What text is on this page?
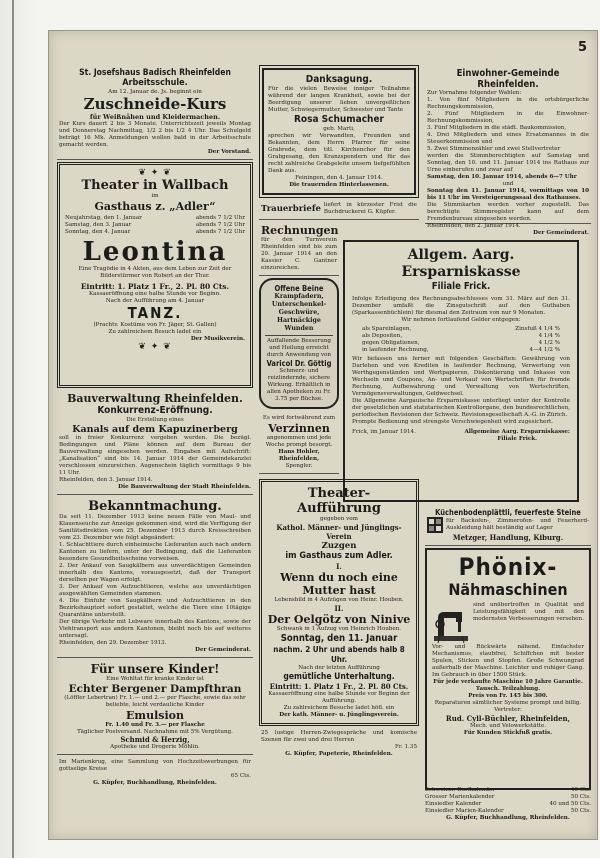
5
St. Josefshaus Badisch Rheinfelden
Arbeitsschule.
Am 12. Januar de. Js. beginnt ein
Zuschneide-Kurs
für Weißnähen und Kleidermachen.
Der Kurs dauert 2 bis 3 Monate. Unterrichtszeit jeweils Montag und Donnerstag Nachmittag, 1/2 2 bis 1/2 4 Uhr. Das Schulgeld beträgt 16 Mk. Anmeldungen wollen bald in der Arbeitsschule gemacht werden.
Der Vorstand.
❦ ✦ ❦
Theater in Wallbach
im
Gasthaus z. „Adler“
Neujahrstag, den 1. Januar	abends 7 1/2 Uhr
Samstag, den 3. Januar	abends 7 1/2 Uhr
Sonntag, den 4. Januar	abends 7 1/2 Uhr
Leontina
Eine Tragödie in 4 Akten, aus dem Leben zur Zeit der Bilderstürmer von Robert an der Thur.
Eintritt: 1. Platz 1 Fr., 2. Pl. 80 Cts.
Kassaeröffnung eine halbe Stunde vor Beginn.
Nach der Aufführung am 4. Januar
TANZ.
(Prachtv. Kostüme von Fr. Jäger, St. Gallen)
Zu zahlreichem Besuch ladet ein
Der Musikverein.
❦ ✦ ❦
Bauverwaltung Rheinfelden.
Konkurrenz-Eröffnung.
Die Erstellung eines
Kanals auf dem Kapuzinerberg
soll in freier Konkurrenz vergeben werden. Die bezügl. Bedingungen und Pläne können auf dem Bureau der Bauverwaltung eingesehen werden. Eingaben mit Aufschrift: „Kanalisation“ sind bis 14. Januar 1914 der Gemeindekanzlei verschlossen einzureichen. Augenschein täglich vormittags 9 bis 11 Uhr.
Rheinfelden, den 3. Januar 1914.
Die Bauverwaltung der Stadt Rheinfelden.
Bekanntmachung.
Da seit 11. Dezember 1913 keine neuen Fälle von Maul- und Klauenseuche zur Anzeige gekommen sind, wird die Verfügung der Sanitätsdirektion vom 25. Dezember 1913 durch Kreisschreiben vom 23. Dezember wie folgt abgeändert:
1. Schlachttiere durch einheimische Lieferanten auch nach andern Kantonen zu liefern, unter der Bedingung, daß die Lieferanten besondere Gesundheitsscheine vorweisen.
2. Der Ankauf von Saugkälbern aus unverdächtigen Gemeinden innerhalb des Kantons, vorausgesetzt, daß der Transport derselben per Wagen erfolgt.
3. Der Ankauf von Aufzuchttieren, welche aus unverdächtigen ausgewählten Gemeinden stammen.
4. Die Einfuhr von Saugkälbern und Aufzuchttieren in den Bezirkshauptort sofort gestattet, welche die Tiere eine 10tägige Quarantäne unterstellt.
Der übrige Verkehr mit Lebware innerhalb des Kantons, sowie der Viehtransport aus andern Kantonen, bleibt noch bis auf weiteres untersagt.
Rheinfelden, den 29. Dezember 1913.
Der Gemeinderat.
Für unsere Kinder!
Eine Wohltat für kranke Kinder ist
Echter Bergener Dampfthran
(Löffler Lebertran) Fr. 1.— und 2.— per Flasche, sowie das sehr beliebte, leicht verdauliche Kinder
Emulsion
Fr. 1.40 und Fr. 3.— per Flasche
Täglicher Postversand. Nachnahme mit 5% Vergütung.
Schmid & Herzig,
Apotheke und Drogerie Möhlin.
Im Marienkrug, eine Sammlung von Hochzeitswerbungen für gottselige Kreise
65 Cts.
G. Küpfer, Buchhandlung, Rheinfelden.
Danksagung.
Für die vielen Beweise inniger Teilnahme während der langen Krankheit, sowie bei der Beerdigung unserer lieben unvergeßlichen Mutter, Schwiegermutter, Schwester und Tante
Rosa Schumacher
geb. Marti,
sprechen wir Verwandten, Freunden und Bekannten, dem Herrn Pfarrer für seine Grabrede, dem titl. Kirchenchor für den Grabgesang, den Kranzspendern und für das recht zahlreiche Grabgeleite unsern tiefgefühlten Dank aus.
Feiningen, den 4. Januar 1914.
Die trauernden Hinterlassenen.
Trauerbriefe liefert in kürzester Frist die Buchdruckerei G. Küpfer.
Rechnungen
für den Turnverein Rheinfelden sind bis zum 20. Januar 1914 an den Kassier C. Gantner einzureichen.
Offene Beine
Krampfadern,
Unterschenkel-Geschwüre,
Hartnäckige Wunden
Auffallende Besserung und Heilung erreicht durch Anwendung von
Varicol Dr. Göttig
Schmerz- und reizlindernde, sichere Wirkung. Erhältlich in allen Apotheken zu Fr. 3.75 per Büchse.
Es wird fortwährend zum
Verzinnen
angenommen und jede Woche prompt besorgt.
Hans Hohler, Rheinfelden,
Spengler.
Theater-Aufführung
gegeben vom
Kathol. Männer- und Jünglings-Verein
Zuzgen
im Gasthaus zum Adler.
I.
Wenn du noch eine Mutter hast
Lebensbild in 4 Aufzügen von Heinr. Houben.
II.
Der Oelgötz von Ninive
Schwank in 1 Aufzug von Heinrich Houben.
Sonntag, den 11. Januar
nachm. 2 Uhr und abends halb 8 Uhr.
Nach der letzten Aufführung
gemütliche Unterhaltung.
Eintritt: 1. Platz 1 Fr., 2. Pl. 80 Cts.
Kassaeröffnung eine halbe Stunde vor Beginn der Aufführung.
Zu zahlreichem Besuche ladet höfl. ein
Der kath. Männer- u. Jünglingsverein.
25 lustige Herren-Zwiegespräche und komische Szenen für zwei und drei Herren
Fr. 1.35
G. Küpfer, Papeterie, Rheinfelden.
Allgem. Aarg. Ersparniskasse
Filiale Frick.
Infolge Erledigung des Rechnungsabschlusses vom 31. März auf den 31. Dezember umfaßt die Zinsgutschrift auf den Guthaben (Sparkassenbüchlein) für diesmal den Zeitraum von nur 9 Monaten.
Wir nehmen fortlaufend Gelder entgegen:
als Spareinlagen,	Zinsfuß 4 1/4 %
als Depositen,	4 1/4 %
gegen Obligationen,	4 1/2 %
in laufender Rechnung,	4—4 1/2 %
Wir befassen uns ferner mit folgenden Geschäften: Gewährung von Darlehen und von Krediten in laufender Rechnung, Verwertung von Werthgegenständen und Wertpapieren, Diskontierung und Inkasso von Wechseln und Coupons, An- und Verkauf von Wertschriften für fremde Rechnung, Aufbewahrung und Verwaltung von Wertschriften, Vermögensverwaltungen, Geldwechsel.
Die Allgemeine Aargauische Ersparniskasse unterliegt unter der Kontrolle der gesetzlichen und statutarischen Kontrollorgane, den bundesrechtlichen, periodischen Revisionen der Schweiz. Revisionsgesellschaft A.-G. in Zürich.
Prompte Bedienung und strengste Verschwiegenheit wird zugesichert.
Frick, im Januar 1914.	Allgemeine Aarg. Ersparniskasse:
Filiale Frick.
Einwohner-Gemeinde Rheinfelden.
Zur Vornahme folgender Wahlen:
1. Von fünf Mitgliedern in die ortsbürgerliche Rechnungskommission,
2. Fünf Mitgliedern in die Einwohner-Rechnungskommission,
3. Fünf Mitgliedern in die städt. Baukommission,
4. Drei Mitgliedern und eines Ersatzmannes in die Steuerkommission und
5. Zwei Stimmenzähler und zwei Stellvertreter
werden die Stimmberechtigten auf Samstag und Sonntag, den 10. und 11. Januar 1914 ins Rathaus zur Urne einberufen und zwar auf
Samstag, den 10. Januar 1914, abends 6—7 Uhr
und
Sonntag den 11. Januar 1914, vormittags von 10 bis 11 Uhr im Versteigerungssaal des Rathauses.
Die Stimmkarten werden vorher zugestellt. Das berechtigte Stimmregister kann auf dem Fremdenbureau eingesehen werden.
Rheinfelden, den 2. Januar 1914.
Der Gemeinderat.
Küchenbodenplättli, feuerfeste Steine
für Backofen-, Zimmerofen- und Feuerherd-Auskleidung hält beständig auf Lager
Metzger, Handlung, Kiburg.
Phönix-
Nähmaschinen
sind unübertroffen in Qualität und Leistungsfähigkeit und mit den modernsten Verbesserungen versehen.
Vor- und Rückwärts nähend. Einfachster Mechanismus, staubfrei, Schiffchen mit bester Spulen, Sticken und Stopfen. Große Schwungrad außerhalb der Maschine. Leichter und ruhiger Gang. Im Gebrauch in über 1500 Stück.
Für jede verkaufte Maschine 10 Jahre Garantie.
Tausch. Teilzahlung.
Preis von Fr. 145 bis 300.
Reparaturen sämtlicher Systeme prompt und billig.
Vertreter:
Rud. Cyll-Büchler, Rheinfelden,
Mech. und Velowerkstätte.
Für Kunden Stickfuß gratis.
Schweizer. Dorfkalender	40 Cts.
Grosser Marienkalender	50 Cts.
Einsiedler Kalender	40 und 50 Cts.
Einsiedler Marien-Kalender	50 Cts.
G. Küpfer, Buchhandlung, Rheinfelden.
